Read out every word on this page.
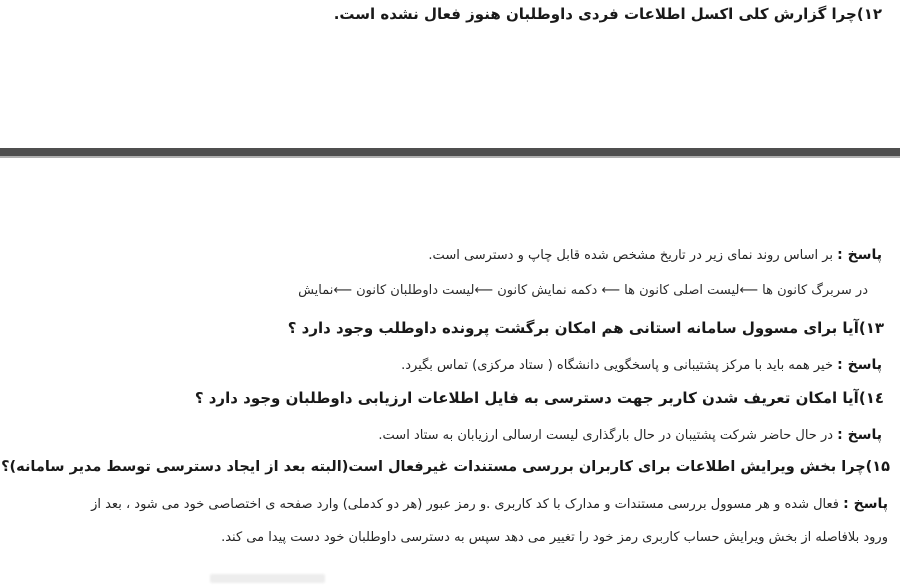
۱۲)چرا گزارش کلی اکسل اطلاعات فردی داوطلبان هنوز فعال نشده است.
پاسخ : بر اساس روند نمای زیر در تاریخ مشخص شده قابل چاپ و دسترسی است.
در سربرگ کانون ها ⟵لیست اصلی کانون ها ⟵ دکمه نمایش کانون ⟵لیست داوطلبان کانون ⟵نمایش
۱۳)آیا برای مسوول سامانه استانی هم امکان برگشت پرونده داوطلب وجود دارد ؟
پاسخ : خیر همه باید با مرکز پشتیبانی و پاسخگویی دانشگاه ( ستاد مرکزی) تماس بگیرد.
۱٤)آیا امکان تعریف شدن کاربر جهت دسترسی به فایل اطلاعات ارزیابی داوطلبان وجود دارد ؟
پاسخ : در حال حاضر شرکت پشتیبان در حال بارگذاری لیست ارسالی ارزیابان به ستاد است.
۱۵)چرا بخش ویرایش اطلاعات برای کاربران بررسی مستندات غیرفعال است(البته بعد از ایجاد دسترسی توسط مدیر سامانه)؟
پاسخ : فعال شده و هر مسوول بررسی مستندات و مدارک با کد کاربری .و رمز عبور (هر دو کدملی) وارد صفحه ی اختصاصی خود می شود ، بعد از
ورود بلافاصله از بخش ویرایش حساب کاربری رمز خود را تغییر می دهد سپس به دسترسی داوطلبان خود دست پیدا می کند.
